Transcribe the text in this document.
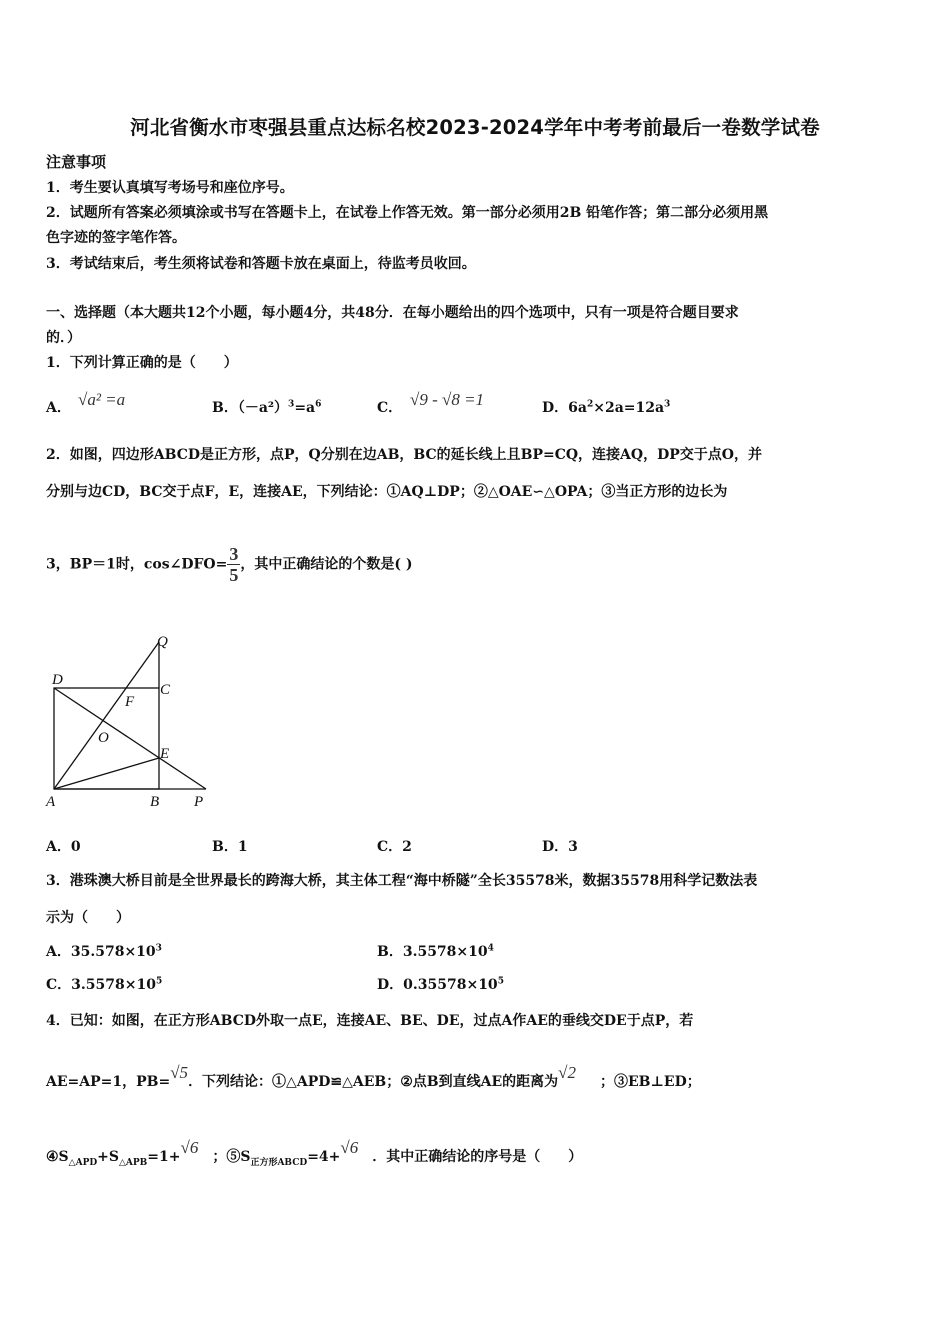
河北省衡水市枣强县重点达标名校2023-2024学年中考考前最后一卷数学试卷
注意事项
1．考生要认真填写考场号和座位序号。
2．试题所有答案必须填涂或书写在答题卡上，在试卷上作答无效。第一部分必须用2B 铅笔作答；第二部分必须用黑
色字迹的签字笔作答。
3．考试结束后，考生须将试卷和答题卡放在桌面上，待监考员收回。
一、选择题（本大题共12个小题，每小题4分，共48分．在每小题给出的四个选项中，只有一项是符合题目要求
的．）
1．下列计算正确的是（　　）
A． √a² =a	B．$(-a^2)^3=a^6$	C． √9 - √8 =1	D．$6a^2\times 2a=12a^3$
2．如图，四边形ABCD是正方形，点P，Q分别在边AB，BC的延长线上且BP=CQ，连接AQ，DP交于点O，并
分别与边CD，BC交于点F，E，连接AE，下列结论：①AQ⊥DP；②△OAE∽△OPA；③当正方形的边长为
3，BP＝1时，cos∠DFO= $\frac{3}{5}$ ，其中正确结论的个数是( )
Q
D
C
F
O
E
A	B P
A．0	B．1	C．2	D．3
3．港珠澳大桥目前是全世界最长的跨海大桥，其主体工程“海中桥隧”全长35578米，数据35578用科学记数法表
示为（　　）
A．$35.578\times 10^3$	B．$3.5578\times 10^4$
C．$3.5578\times 10^5$	D．$0.35578\times 10^5$
4．已知：如图，在正方形ABCD外取一点E，连接AE、BE、DE，过点A作AE的垂线交DE于点P，若
AE=AP=1，PB=√5．下列结论：①△APD≌△AEB；②点B到直线AE的距离为√2 ；③EB⊥ED；
$④S_{\triangle APD}+S_{\triangle APB}=1+√6$ ；$⑤S_{正方形ABCD}=4+√6$ ．其中正确结论的序号是（　　）
